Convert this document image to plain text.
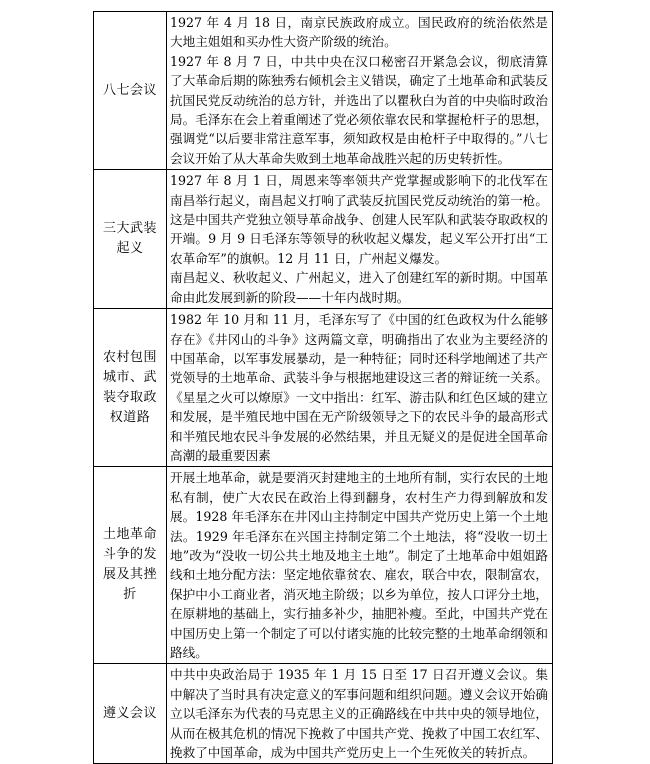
八七会议	1927 年 4 月 18 日，南京民族政府成立。国民政府的统治依然是大地主姐姐和买办性大资产阶级的统治。

1927 年 8 月 7 日，中共中央在汉口秘密召开紧急会议，彻底清算了大革命后期的陈独秀右倾机会主义错误，确定了土地革命和武装反抗国民党反动统治的总方针，并选出了以瞿秋白为首的中央临时政治局。毛泽东在会上着重阐述了党必须依靠农民和掌握枪杆子的思想，强调党“以后要非常注意军事，须知政权是由枪杆子中取得的。”八七会议开始了从大革命失败到土地革命战胜兴起的历史转折性。

三大武装起义	1927 年 8 月 1 日，周恩来等率领共产党掌握或影响下的北伐军在南昌举行起义，南昌起义打响了武装反抗国民党反动统治的第一枪。这是中国共产党独立领导革命战争、创建人民军队和武装夺取政权的开端。9 月 9 日毛泽东等领导的秋收起义爆发，起义军公开打出“工农革命军”的旗帜。12 月 11 日，广州起义爆发。

南昌起义、秋收起义、广州起义，进入了创建红军的新时期。中国革命由此发展到新的阶段——十年内战时期。

农村包围城市、武装夺取政权道路	1982 年 10 月和 11 月，毛泽东写了《中国的红色政权为什么能够存在》《井冈山的斗争》这两篇文章，明确指出了农业为主要经济的中国革命，以军事发展暴动，是一种特征；同时还科学地阐述了共产党领导的土地革命、武装斗争与根据地建设这三者的辩证统一关系。《星星之火可以燎原》一文中指出：红军、游击队和红色区域的建立和发展，是半殖民地中国在无产阶级领导之下的农民斗争的最高形式和半殖民地农民斗争发展的必然结果，并且无疑义的是促进全国革命高潮的最重要因素

土地革命斗争的发展及其挫折	开展土地革命，就是要消灭封建地主的土地所有制，实行农民的土地私有制，使广大农民在政治上得到翻身，农村生产力得到解放和发展。1928 年毛泽东在井冈山主持制定中国共产党历史上第一个土地法。1929 年毛泽东在兴国主持制定第二个土地法，将“没收一切土地”改为“没收一切公共土地及地主土地”。制定了土地革命中姐姐路线和土地分配方法：坚定地依靠贫农、雇农，联合中农，限制富农，保护中小工商业者，消灭地主阶级；以乡为单位，按人口评分土地，在原耕地的基础上，实行抽多补少，抽肥补瘦。至此，中国共产党在中国历史上第一个制定了可以付诸实施的比较完整的土地革命纲领和路线。

遵义会议	中共中央政治局于 1935 年 1 月 15 日至 17 日召开遵义会议。集中解决了当时具有决定意义的军事问题和组织问题。遵义会议开始确立以毛泽东为代表的马克思主义的正确路线在中共中央的领导地位，从而在极其危机的情况下挽救了中国共产党、挽救了中国工农红军、挽救了中国革命，成为中国共产党历史上一个生死攸关的转折点。
